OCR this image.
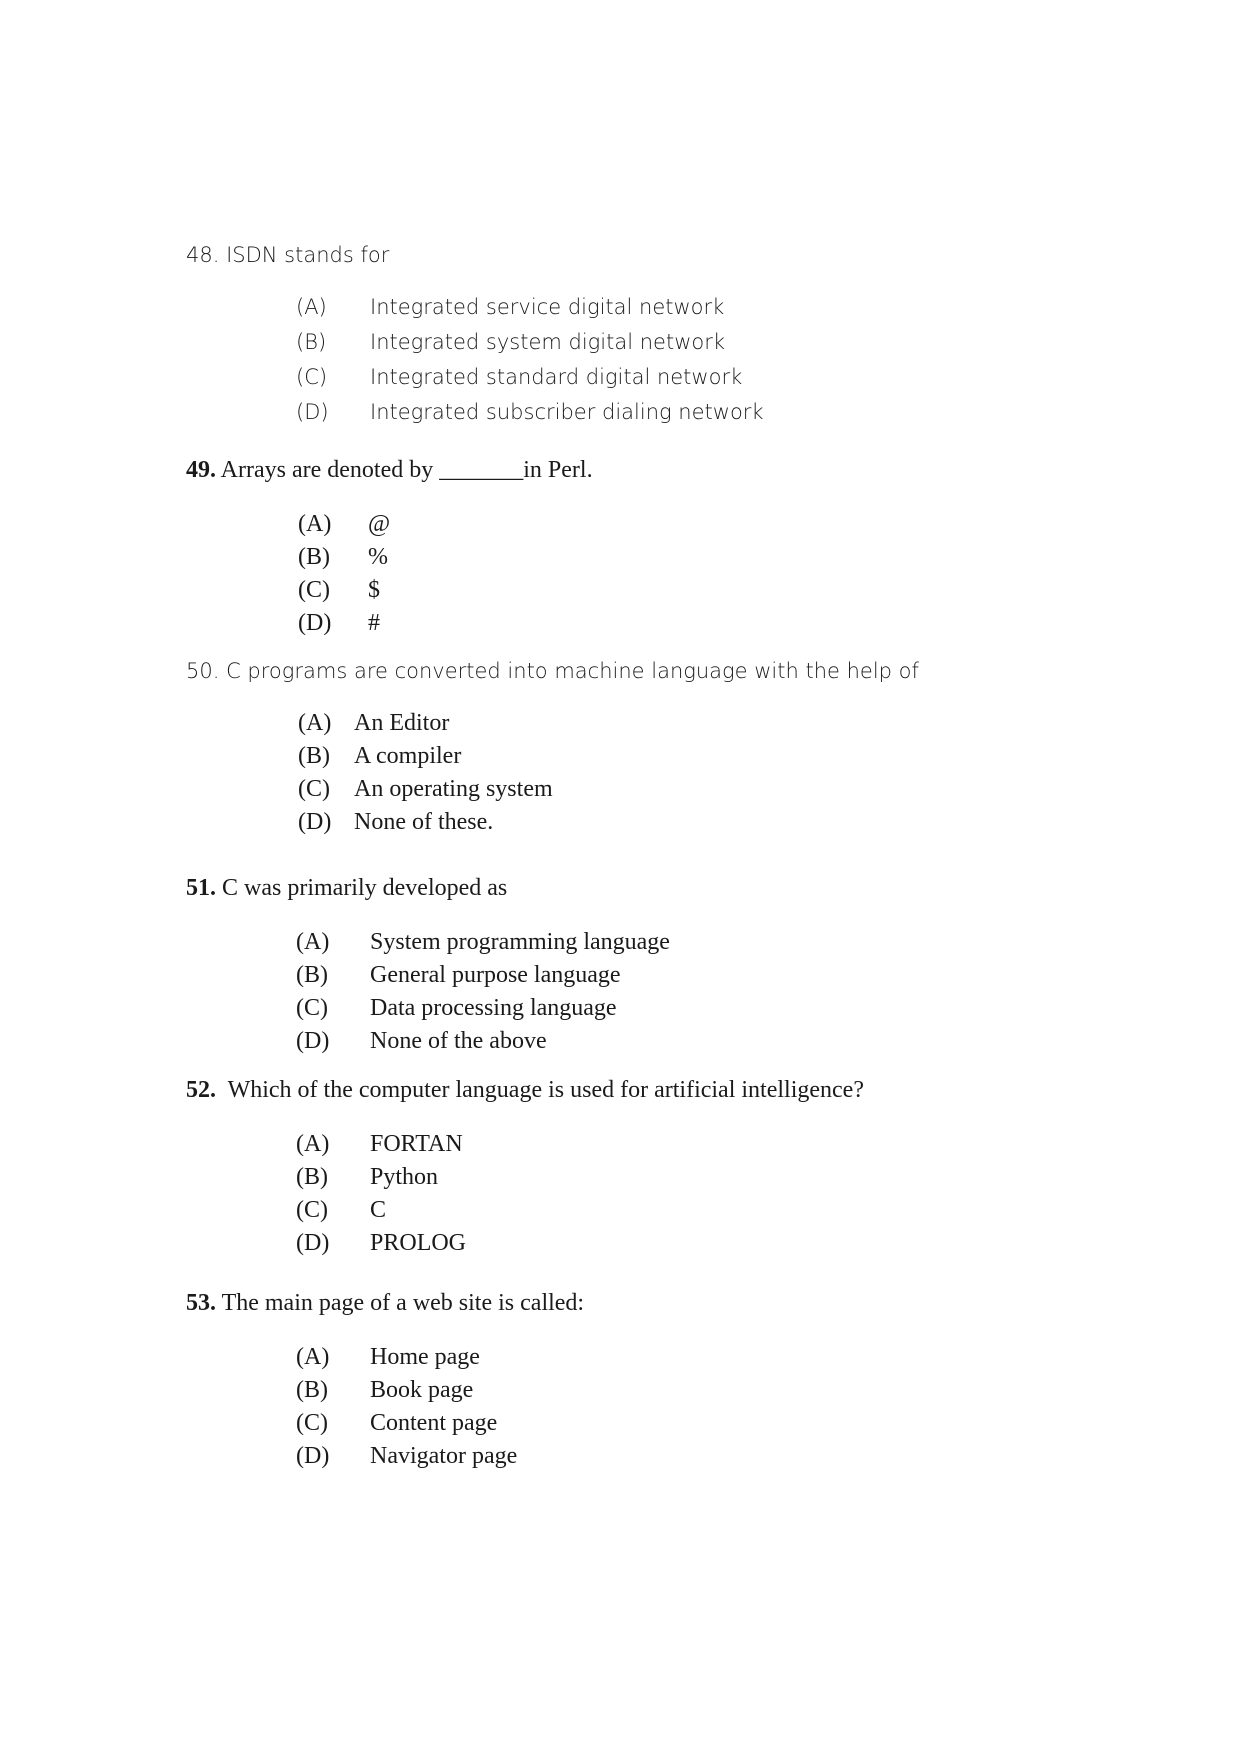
48. ISDN stands for

(A)	Integrated service digital network
(B)	Integrated system digital network
(C)	Integrated standard digital network
(D)	Integrated subscriber dialing network

49. Arrays are denoted by _______in Perl.

(A)	@
(B)	%
(C)	$
(D)	#

50. C programs are converted into machine language with the help of

(A) An Editor
(B)	A compiler
(C)	An operating system
(D) None of these.

51. C was primarily developed as

(A)	System programming language
(B)	General purpose language
(C)	Data processing language
(D)	None of the above

52.  Which of the computer language is used for artificial intelligence?

(A)	FORTAN
(B)	Python
(C)	C
(D)	PROLOG

53. The main page of a web site is called:

(A)	Home page
(B)	Book page
(C)	Content page
(D)	Navigator page
